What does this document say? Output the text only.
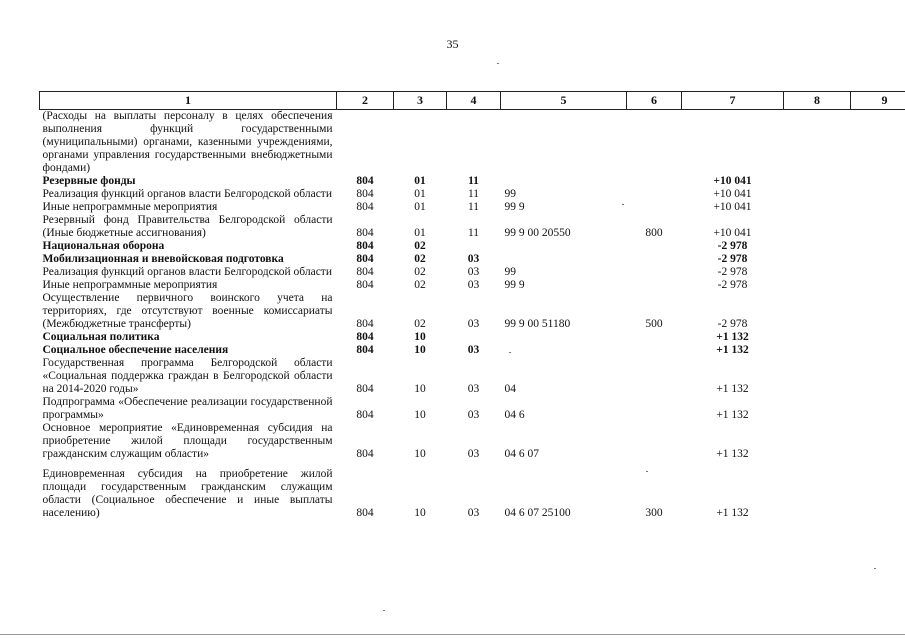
35
1	2	3	4	5	6	7	8	9
(Расходы на выплаты персоналу в целях обеспечения выполнения функций государственными (муниципальными) органами, казенными учреждениями, органами управления государственными внебюджетными фондами)								
Резервные фонды	804	01	11			+10 041		
Реализация функций органов власти Белгородской области	804	01	11	99		+10 041		
Иные непрограммные мероприятия	804	01	11	99 9		+10 041		
Резервный фонд Правительства Белгородской области (Иные бюджетные ассигнования)	804	01	11	99 9 00 20550	800	+10 041		
Национальная оборона	804	02				-2 978		
Мобилизационная и вневойсковая подготовка	804	02	03			-2 978		
Реализация функций органов власти Белгородской области	804	02	03	99		-2 978		
Иные непрограммные мероприятия	804	02	03	99 9		-2 978		
Осуществление первичного воинского учета на территориях, где отсутствуют военные комиссариаты (Межбюджетные трансферты)	804	02	03	99 9 00 51180	500	-2 978		
Социальная политика	804	10				+1 132		
Социальное обеспечение населения	804	10	03			+1 132		
Государственная программа Белгородской области «Социальная поддержка граждан в Белгородской области на 2014-2020 годы»	804	10	03	04		+1 132		
Подпрограмма «Обеспечение реализации государственной программы»	804	10	03	04 6		+1 132		
Основное мероприятие «Единовременная субсидия на приобретение жилой площади государственным гражданским служащим области»	804	10	03	04 6 07		+1 132		
Единовременная субсидия на приобретение жилой площади государственным гражданским служащим области (Социальное обеспечение и иные выплаты населению)	804	10	03	04 6 07 25100	300	+1 132		
